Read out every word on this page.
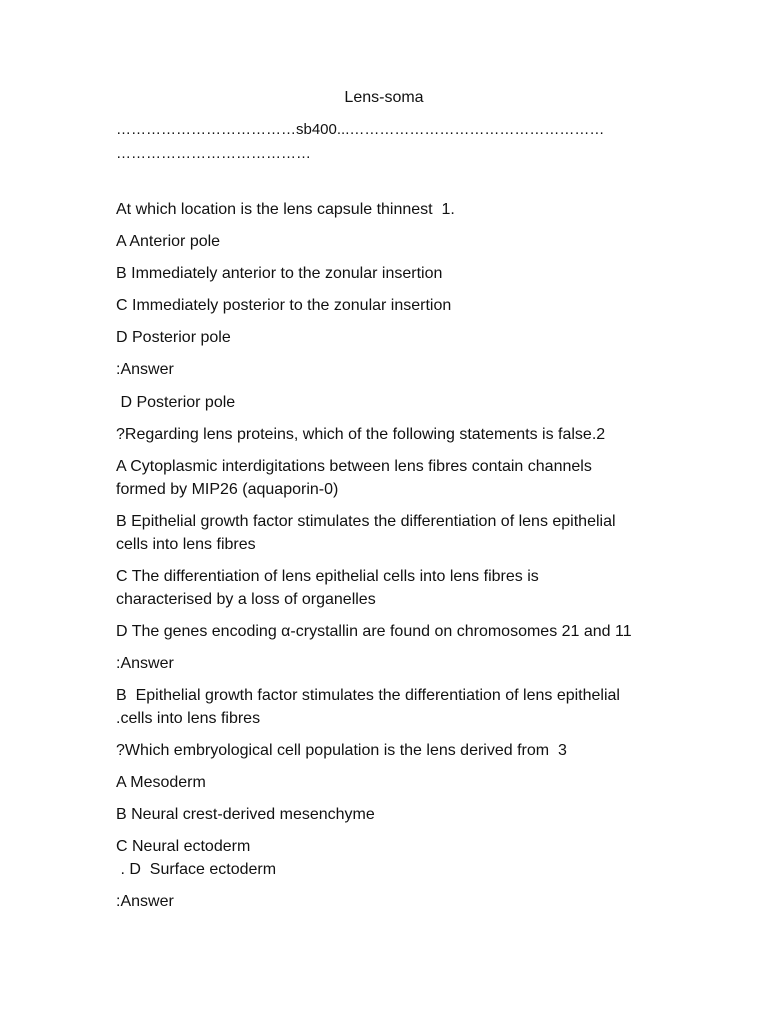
Lens-soma
………………………………sb400...……………………………………………
…………………………………
At which location is the lens capsule thinnest  1.
A Anterior pole
B Immediately anterior to the zonular insertion
C Immediately posterior to the zonular insertion
D Posterior pole
:Answer
D Posterior pole
?Regarding lens proteins, which of the following statements is false.2
A Cytoplasmic interdigitations between lens fibres contain channels
formed by MIP26 (aquaporin-0)
B Epithelial growth factor stimulates the differentiation of lens epithelial
cells into lens fibres
C The differentiation of lens epithelial cells into lens fibres is
characterised by a loss of organelles
D The genes encoding α-crystallin are found on chromosomes 21 and 11
:Answer
B  Epithelial growth factor stimulates the differentiation of lens epithelial
.cells into lens fibres
?Which embryological cell population is the lens derived from  3
A Mesoderm
B Neural crest-derived mesenchyme
C Neural ectoderm
. D  Surface ectoderm
:Answer
